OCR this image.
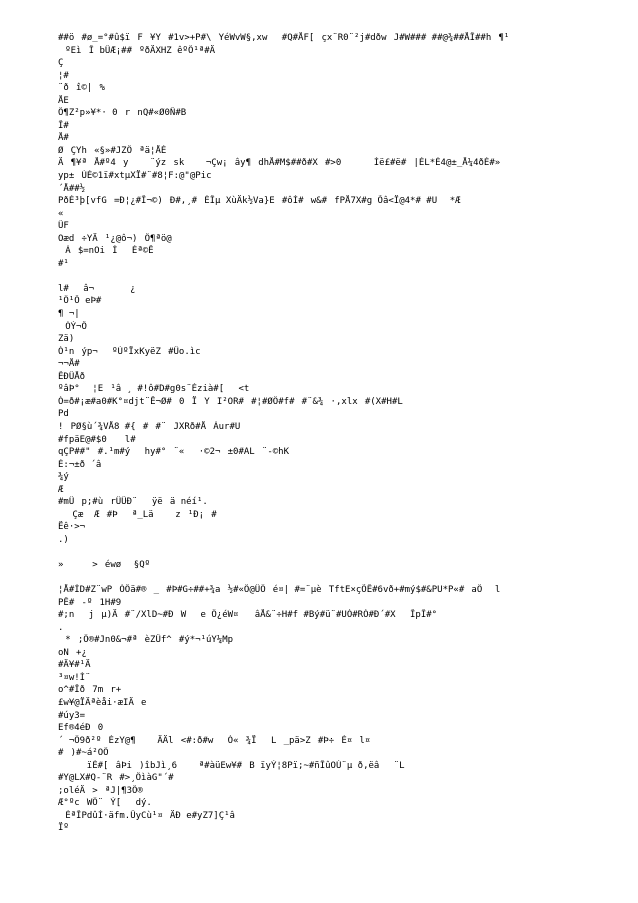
##ö#ø_=°#û$ïF¥Y#1v>+P#\YéWvW§,xw#Q#ÅF[çx¨R0¨²j#dðwJ#W### ##@¾##ÅÎ##h¶¹
ºEìÎ bÛÆ¡##ºðÄXHZ êºÖ¹ª#Ä
Ç
¦#
¨ðî©|%
ÅE
Ö¶Z²p»¥*· 0rnQ#«Ø0Ñ#B
Î#
Å#
ØÇYh«§»#JZÖªä¦ÅÉ
Ä¶¥ªÅ#º4y¨ýzsk¬Çw¡ây¶dhÅ#M$##ð#X#>0      Íë£#ë#|ÉL*É4@±_Å¼4ðÉ#»
yp±ÚÉ©1ï#xtµXÏ#¨#8¦F:@"@Pic
´Å##½
PðÉ³þ[vfG=Ð¦¿#Î¬©)Ð#,¸#ÈÎµ XùÄk½Va}E#ôÍ#w&#fPÅ7X#g Õâ<Ï@4*# #U *Æ
«
ÛF
Oæd÷YÄ¹¿@ô¬)Ö¶ªö@
Á$=nOiÍÉª©Ê
#¹
l#â¬    ¿
¹Ö¹Ô eÞ#
¶ ¬|
ÓÝ¬Ô
Zä)
Ó¹nýp¬ºÙºÏxKyëZ#Üo.ìc
¬¬Å#
ÊÐÛÅð
ºâÞ° ¦E¹â ¸ #!ô#D#g0s¨Ézià#[<t
Ò=ð#¡æ#a0#K°¤djt¨Ê¬Ø#0ÏYI²OR##¦#ØÖ#f##¨&¾·,xlx#(X#H#L
Pd
!PØ§ù´¾VÅ8 #{##¨JXRð#ÅÁur#U
#fpäE@#$0  l#
qÇP##"#.¹m#ýhy#°¨«·©2¬±0#AL¨-©hK
É:¬±ð ´â
¾ý
Æ
#mÜp;#ùrÜÜÐ¨ÿëä néí¹.
Çæ  Æ#Þª_Läz¹Ð¡#
Ëê·>¬
.)

»    >éwø §Qº
¦Å#ÍD#Z¨wPÓÔä#®_#Þ#G÷##+¾a½#«Ö@ÜÖé¤| #=¨µèTftE×çÕÊ#6vð+#mý$#&PU*P«#aÖ l
PÊ#-º1H#9
#;njµ)Ä#¨/XlD~#ÐWe Ö¿éW¤   âÅ&¨÷H#f #Bý#ü¨#UÓ#RÓ#Ð´#XÎpÎ#°
.
*;Ö®#Jn0&¬#ªèZÛf^#ý*¬¹úY¼Mp
oN+¿
#Ä¥#¹Ä
³¤w!Ì¨
o^#Îð7mr+
£w¥@ÏÄªèåi·æIÄe
#úy3=
Ef®4éÐ0
´ ¬Ö9ð²ºÉzY@¶    ÄÄl<#:ð#wÓ«¾ÏL_pä>Z#Þ÷É¤l¤
#)#~á²OÖ
ïÉ#[âÞi)îbJì¸6    ª#àüEw¥#B ïyÝ¦8Pï;~#ñÎûOÙ¨µ ð,ëâ¨L
#Y@LX#Q-¨R#>¸ÖìàG"´#
;oléÄ>ªJ|¶3Ö®
Æ°ºcWÖ¨Ý[dý.
ÉªÎPdûÍ·äfm.ÛyCù¹¤ÄÐ e#yZ7]Ç¹â
Ïº
